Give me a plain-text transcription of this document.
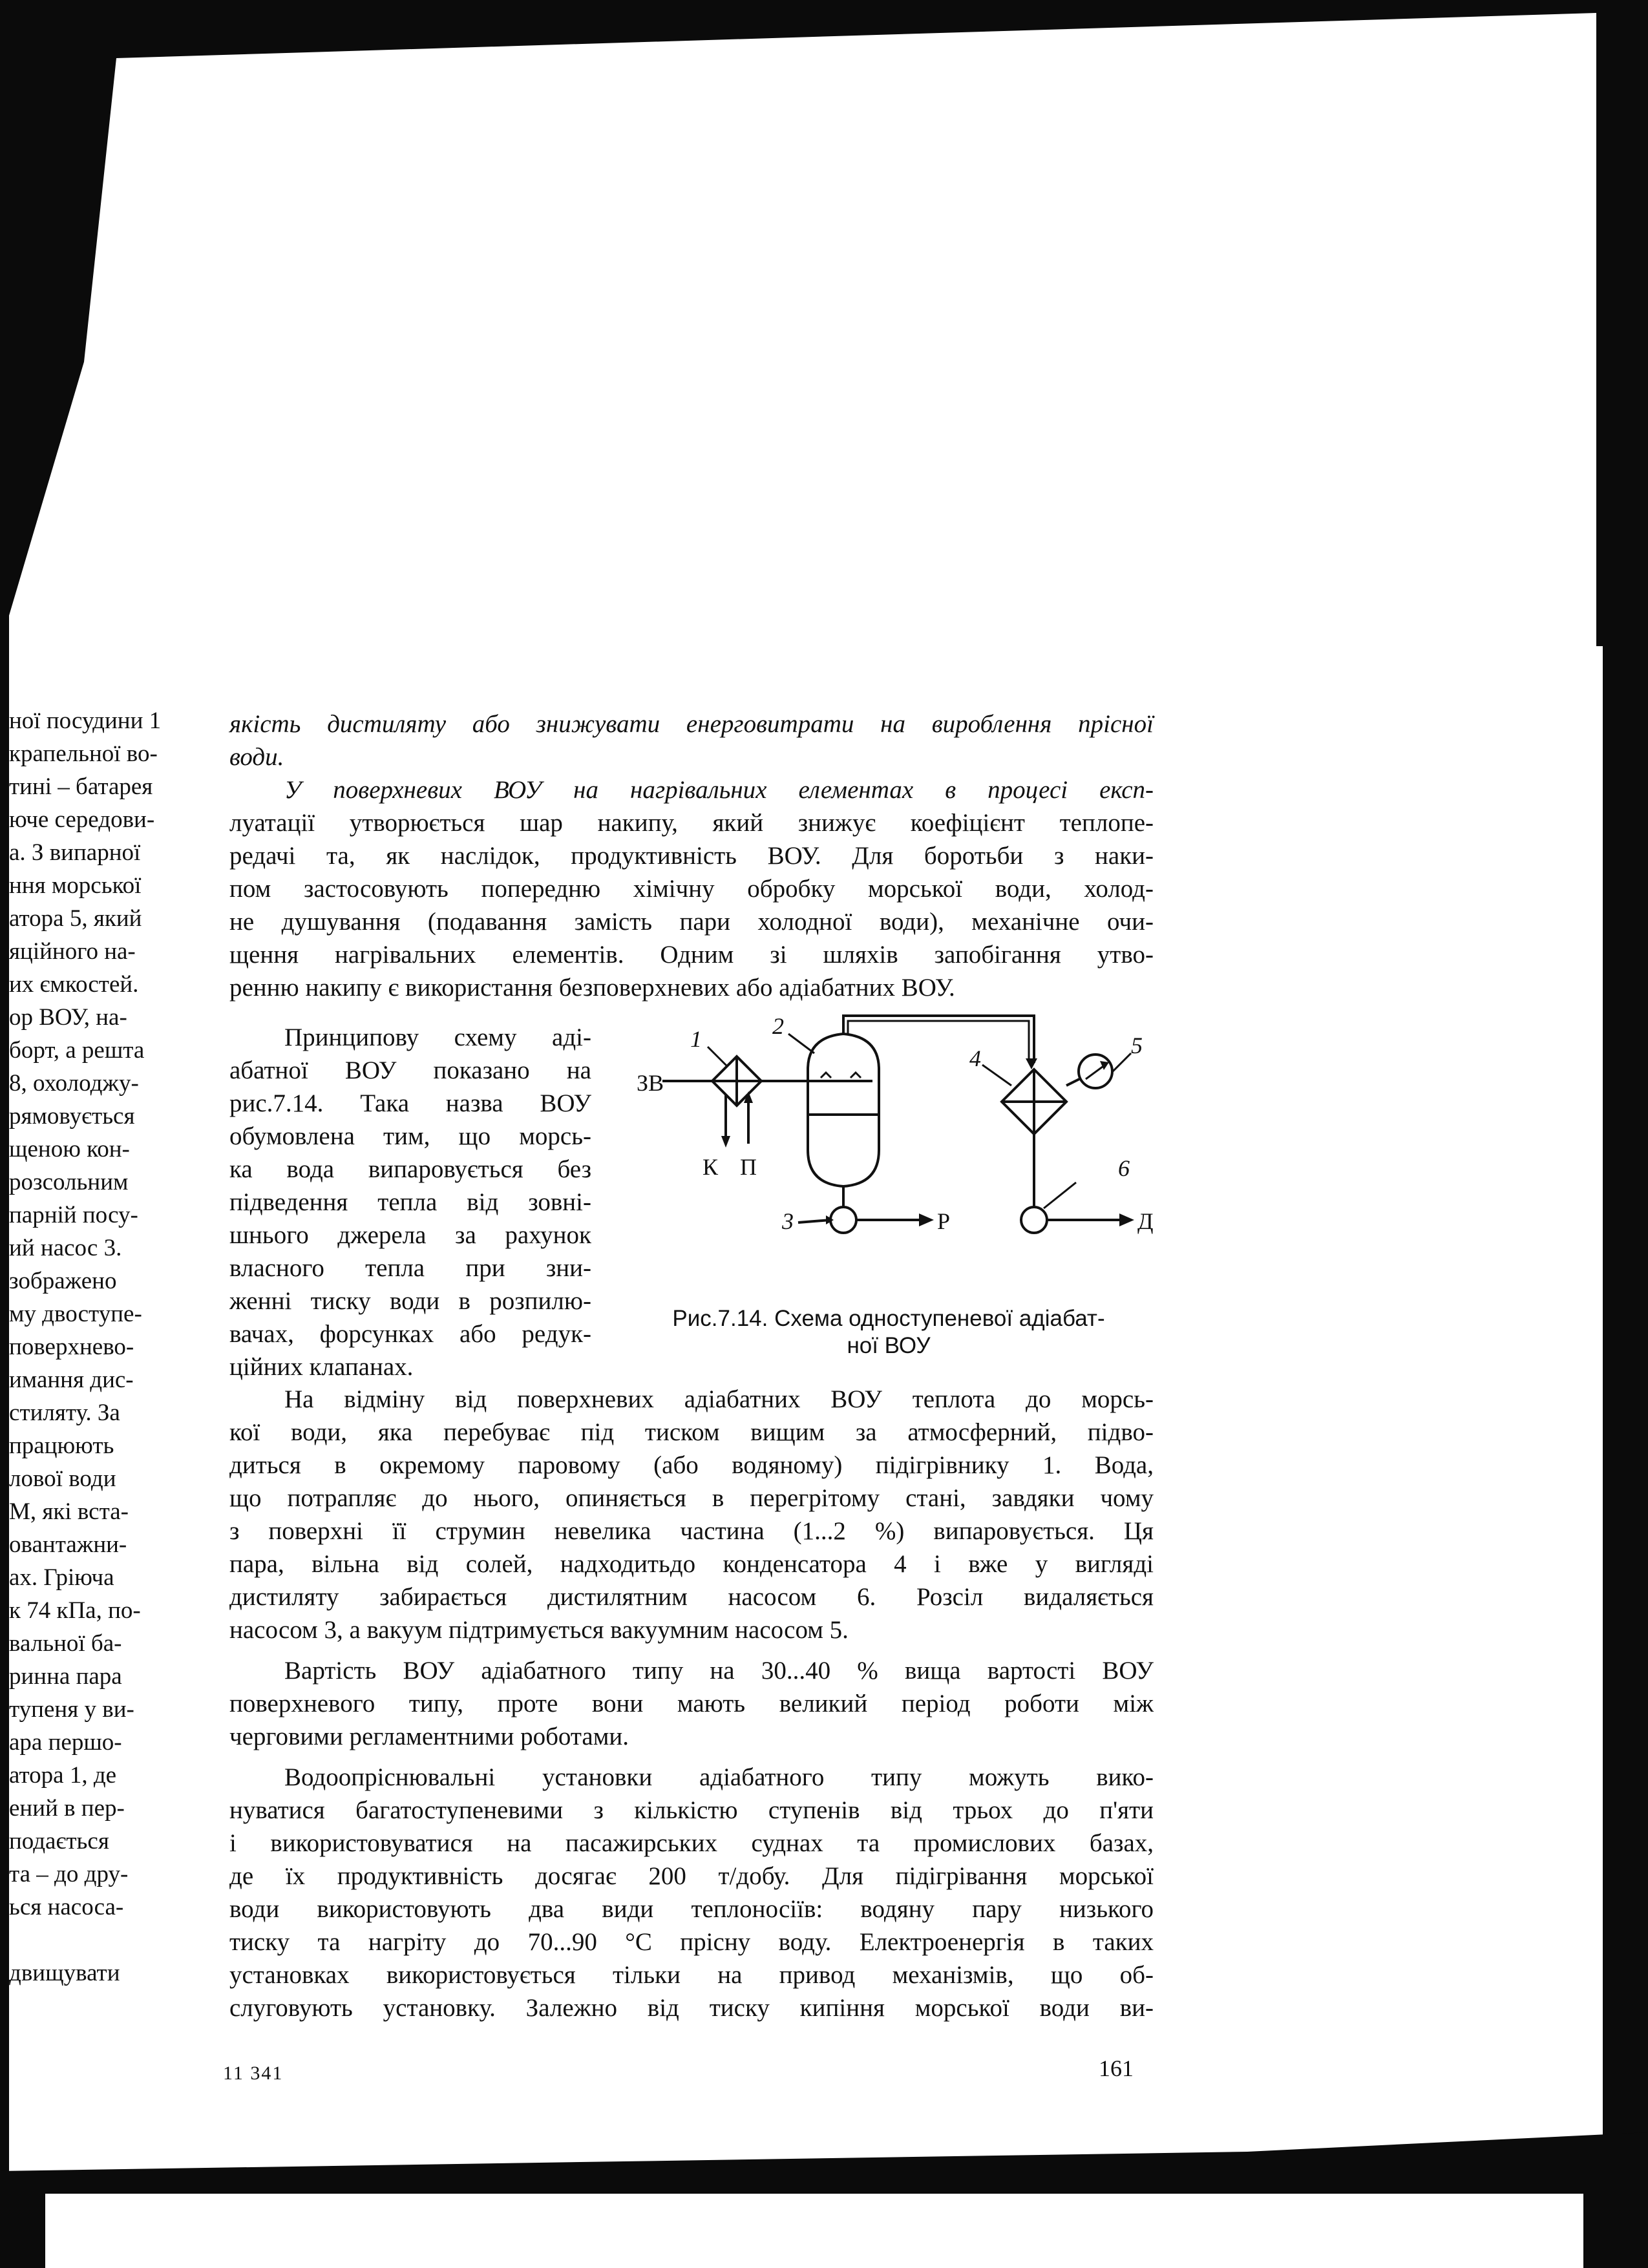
ної посудини 1
крапельної во-
тині – батарея
юче середови-
а. З випарної
ння морської
атора 5, який
яційного на-
их ємкостей.
ор ВОУ, на-
борт, а решта
8, охолоджу-
рямовується
щеною кон-
розсольним
парній посу-
ий насос 3.
зображено
му двоступе-
поверхнево-
имання дис-
стиляту. За
працюють
лової води
М, які вста-
овантажни-
ах. Гріюча
к 74 кПа, по-
вальної ба-
ринна пара
тупеня у ви-
ара першо-
атора 1, де
ений в пер-
подається
та – до дру-
ься насоса-

двищувати
якість дистиляту або знижувати енерговитрати на вироблення прісної
води.
У поверхневих ВОУ на нагрівальних елементах в процесі експ-
луатації утворюється шар накипу, який знижує коефіцієнт теплопе-
редачі та, як наслідок, продуктивність ВОУ. Для боротьби з наки-
пом застосовують попередню хімічну обробку морської води, холод-
не душування (подавання замість пари холодної води), механічне очи-
щення нагрівальних елементів. Одним зі шляхів запобігання утво-
ренню накипу є використання безповерхневих або адіабатних ВОУ.
Принципову схему аді-
абатної ВОУ показано на
рис.7.14. Така назва ВОУ
обумовлена тим, що морсь-
ка вода випаровується без
підведення тепла від зовні-
шнього джерела за рахунок
власного тепла при зни-
женні тиску води в розпилю-
вачах, форсунках або редук-
ційних клапанах.
1	2
3
4	5
6
ЗВ
К П
Р	Д
Рис.7.14. Схема одноступеневої адіабат-
ної ВОУ
На відміну від поверхневих адіабатних ВОУ теплота до морсь-
кої води, яка перебуває під тиском вищим за атмосферний, підво-
диться в окремому паровому (або водяному) підігрівнику 1. Вода,
що потрапляє до нього, опиняється в перегрітому стані, завдяки чому
з поверхні її струмин невелика частина (1...2 %) випаровується. Ця
пара, вільна від солей, надходитьдо конденсатора 4 і вже у вигляді
дистиляту забирається дистилятним насосом 6. Розсіл видаляється
насосом 3, а вакуум підтримується вакуумним насосом 5.
Вартість ВОУ адіабатного типу на 30...40 % вища вартості ВОУ
поверхневого типу, проте вони мають великий період роботи між
черговими регламентними роботами.
Водоопріснювальні установки адіабатного типу можуть вико-
нуватися багатоступеневими з кількістю ступенів від трьох до п'яти
і використовуватися на пасажирських суднах та промислових базах,
де їх продуктивність досягає 200 т/добу. Для підігрівання морської
води використовують два види теплоносіїв: водяну пару низького
тиску та нагріту до 70...90 °С прісну воду. Електроенергія в таких
установках використовується тільки на привод механізмів, що об-
слуговують установку. Залежно від тиску кипіння морської води ви-
11 341	161
